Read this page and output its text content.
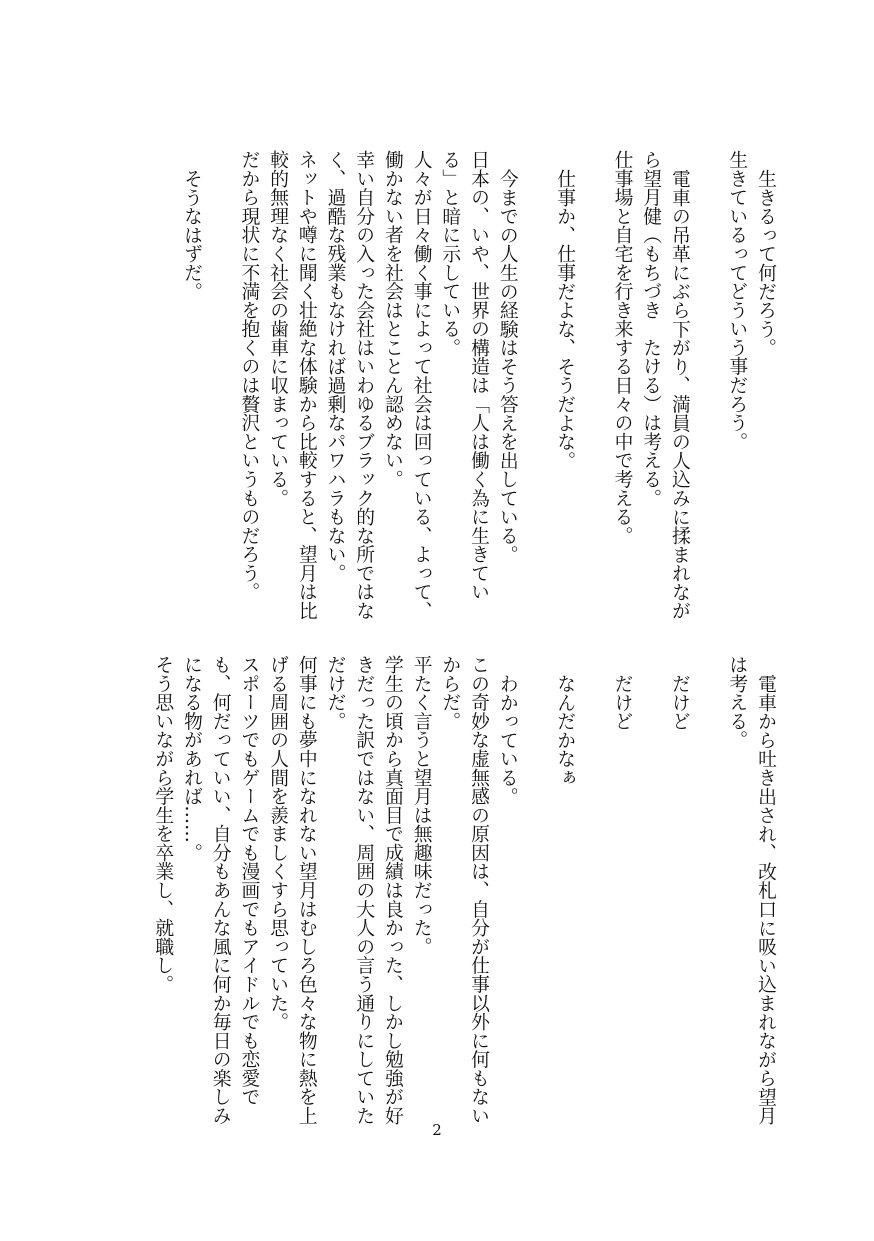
生きるって何だろう。
生きているってどういう事だろう。
電車の吊革にぶら下がり、満員の人込みに揉まれなが
ら望月健（もちづき　たける）は考える。
仕事場と自宅を行き来する日々の中で考える。
仕事か、仕事だよな、そうだよな。
今までの人生の経験はそう答えを出している。
日本の、いや、世界の構造は「人は働く為に生きてい
る」と暗に示している。
人々が日々働く事によって社会は回っている、よって、
働かない者を社会はとことん認めない。
幸い自分の入った会社はいわゆるブラック的な所ではな
く、過酷な残業もなければ過剰なパワハラもない。
ネットや噂に聞く壮絶な体験から比較すると、望月は比
較的無理なく社会の歯車に収まっている。
だから現状に不満を抱くのは贅沢というものだろう。
そうなはずだ。
電車から吐き出され、改札口に吸い込まれながら望月
は考える。
だけど
だけど
なんだかなぁ
わかっている。
この奇妙な虚無感の原因は、自分が仕事以外に何もない
からだ。
平たく言うと望月は無趣味だった。
学生の頃から真面目で成績は良かった、しかし勉強が好
きだった訳ではない、周囲の大人の言う通りにしていた
だけだ。
何事にも夢中になれない望月はむしろ色々な物に熱を上
げる周囲の人間を羨ましくすら思っていた。
スポーツでもゲームでも漫画でもアイドルでも恋愛で
も、何だっていい、自分もあんな風に何か毎日の楽しみ
になる物があれば……。
そう思いながら学生を卒業し、就職し。
2
